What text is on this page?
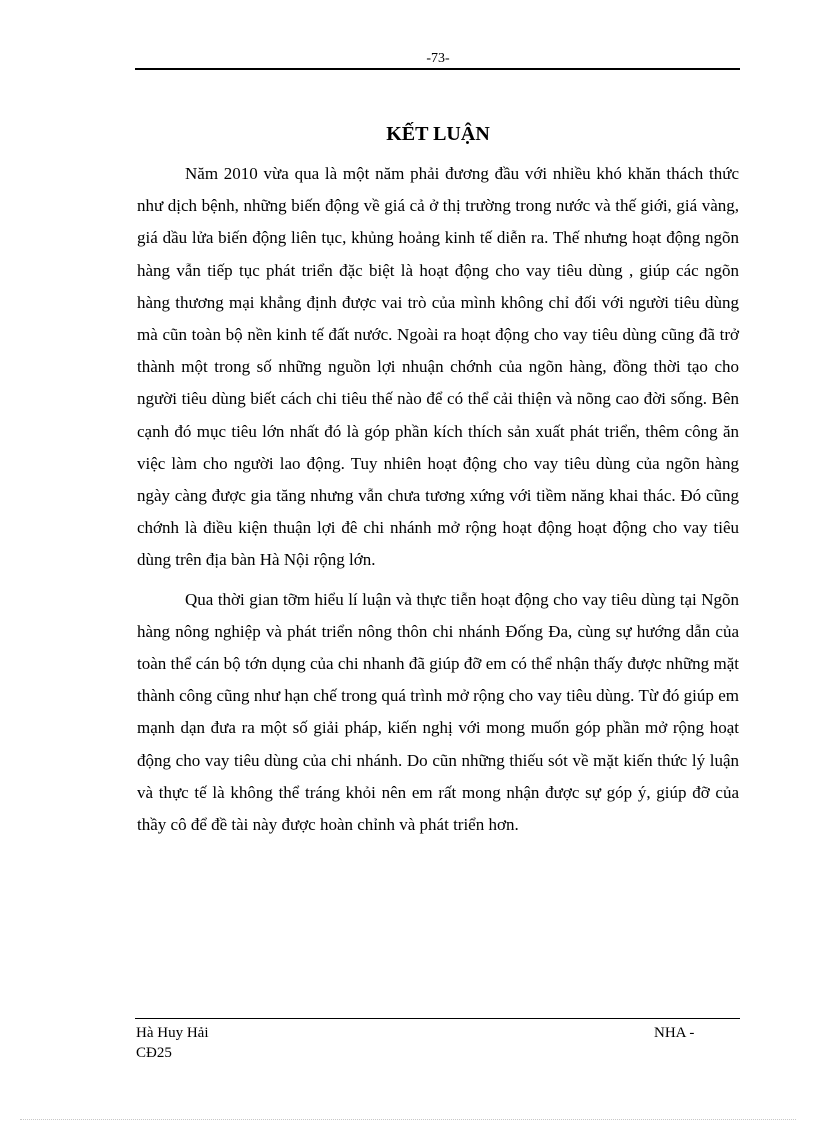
-73-
KẾT LUẬN

Năm 2010 vừa qua là một năm phải đương đầu với nhiều khó khăn thách thức như dịch bệnh, những biến động về giá cả ở thị trường trong nước và thế giới, giá vàng, giá dầu lửa biến động liên tục, khủng hoảng kinh tế diễn ra. Thế nhưng hoạt động ngõn hàng vẫn tiếp tục phát triển đặc biệt là hoạt động cho vay tiêu dùng , giúp các ngõn hàng thương mại khẳng định được vai trò của mình không chỉ đối với người tiêu dùng mà cũn toàn bộ nền kinh tế đất nước. Ngoài ra hoạt động cho vay tiêu dùng cũng đã trở thành một trong số những nguồn lợi nhuận chớnh của ngõn hàng, đồng thời tạo cho người tiêu dùng biết cách chi tiêu thế nào để có thể cải thiện và nõng cao đời sống. Bên cạnh đó mục tiêu lớn nhất đó là góp phần kích thích sản xuất phát triển, thêm công ăn việc làm cho người lao động. Tuy nhiên hoạt động cho vay tiêu dùng của ngõn hàng ngày càng được gia tăng nhưng vẫn chưa tương xứng với tiềm năng khai thác. Đó cũng chớnh là điều kiện thuận lợi đê chi nhánh mở rộng hoạt động hoạt động cho vay tiêu dùng trên địa bàn Hà Nội rộng lớn.

Qua thời gian tỡm hiểu lí luận và thực tiễn hoạt động cho vay tiêu dùng tại Ngõn hàng nông nghiệp và phát triển nông thôn chi nhánh Đống Đa, cùng sự hướng dẫn của toàn thể cán bộ tớn dụng của chi nhanh đã giúp đỡ em có thể nhận thấy được những mặt thành công cũng như hạn chế trong quá trình mở rộng cho vay tiêu dùng. Từ đó giúp em mạnh dạn đưa ra một số giải pháp, kiến nghị với mong muốn góp phần mở rộng hoạt động cho vay tiêu dùng của chi nhánh. Do cũn những thiếu sót về mặt kiến thức lý luận và thực tế là không thể tráng khỏi nên em rất mong nhận được sự góp ý, giúp đỡ của thầy cô để đề tài này được hoàn chỉnh và phát triển hơn.

Hà Huy Hải
CĐ25
NHA -
